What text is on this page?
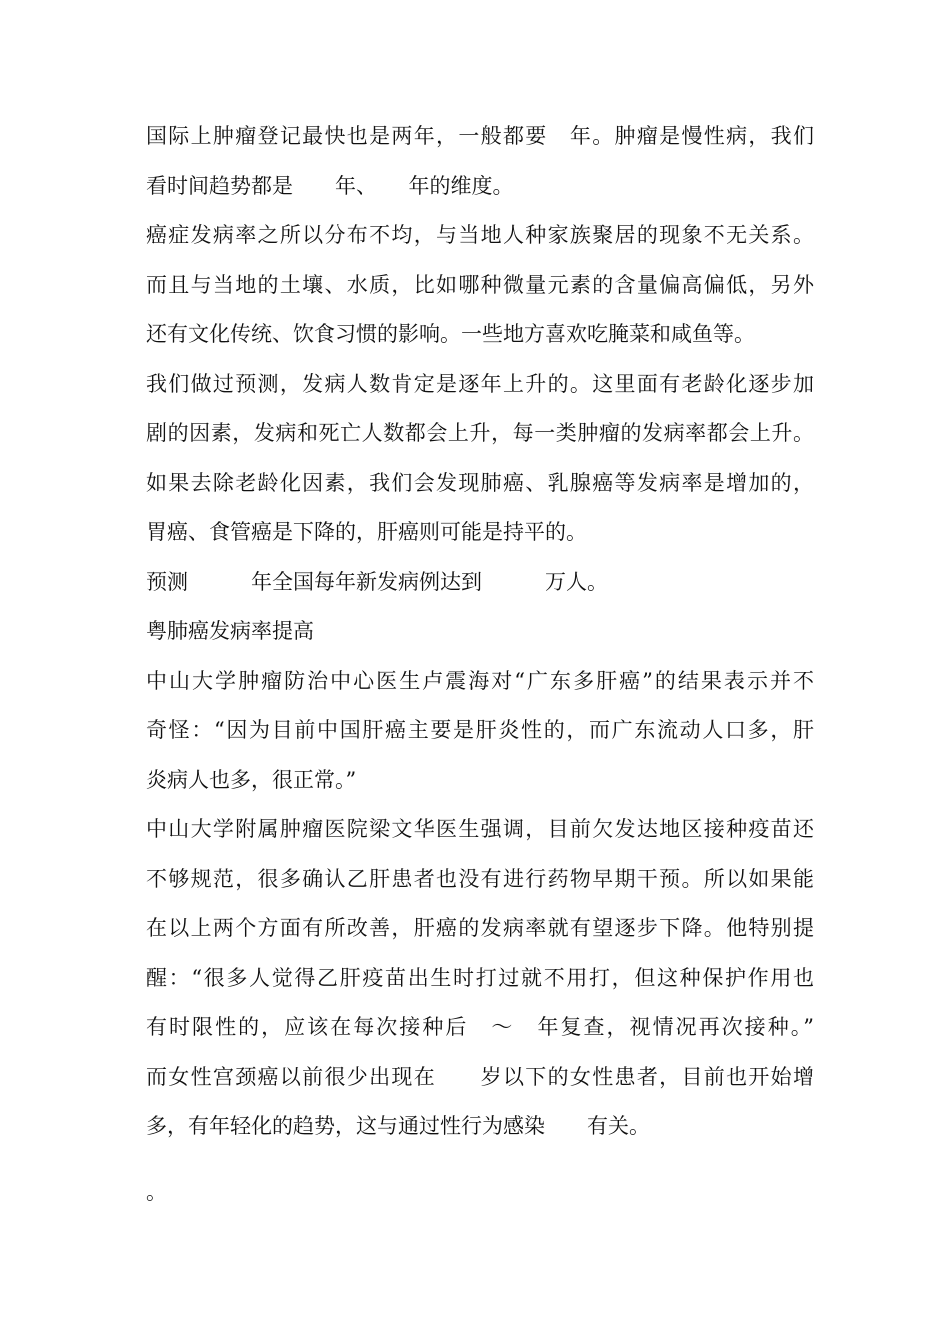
国际上肿瘤登记最快也是两年，一般都要　年。肿瘤是慢性病，我们
看时间趋势都是　　年、　　年的维度。
癌症发病率之所以分布不均，与当地人种家族聚居的现象不无关系。
而且与当地的土壤、水质，比如哪种微量元素的含量偏高偏低，另外
还有文化传统、饮食习惯的影响。一些地方喜欢吃腌菜和咸鱼等。
我们做过预测，发病人数肯定是逐年上升的。这里面有老龄化逐步加
剧的因素，发病和死亡人数都会上升，每一类肿瘤的发病率都会上升。
如果去除老龄化因素，我们会发现肺癌、乳腺癌等发病率是增加的，
胃癌、食管癌是下降的，肝癌则可能是持平的。
预测　　　年全国每年新发病例达到　　　万人。
粤肺癌发病率提高
中山大学肿瘤防治中心医生卢震海对“广东多肝癌”的结果表示并不
奇怪：“因为目前中国肝癌主要是肝炎性的，而广东流动人口多，肝
炎病人也多，很正常。”
中山大学附属肿瘤医院梁文华医生强调，目前欠发达地区接种疫苗还
不够规范，很多确认乙肝患者也没有进行药物早期干预。所以如果能
在以上两个方面有所改善，肝癌的发病率就有望逐步下降。他特别提
醒：“很多人觉得乙肝疫苗出生时打过就不用打，但这种保护作用也
有时限性的，应该在每次接种后　～　年复查，视情况再次接种。”
而女性宫颈癌以前很少出现在　　岁以下的女性患者，目前也开始增
多，有年轻化的趋势，这与通过性行为感染　　有关。
。
